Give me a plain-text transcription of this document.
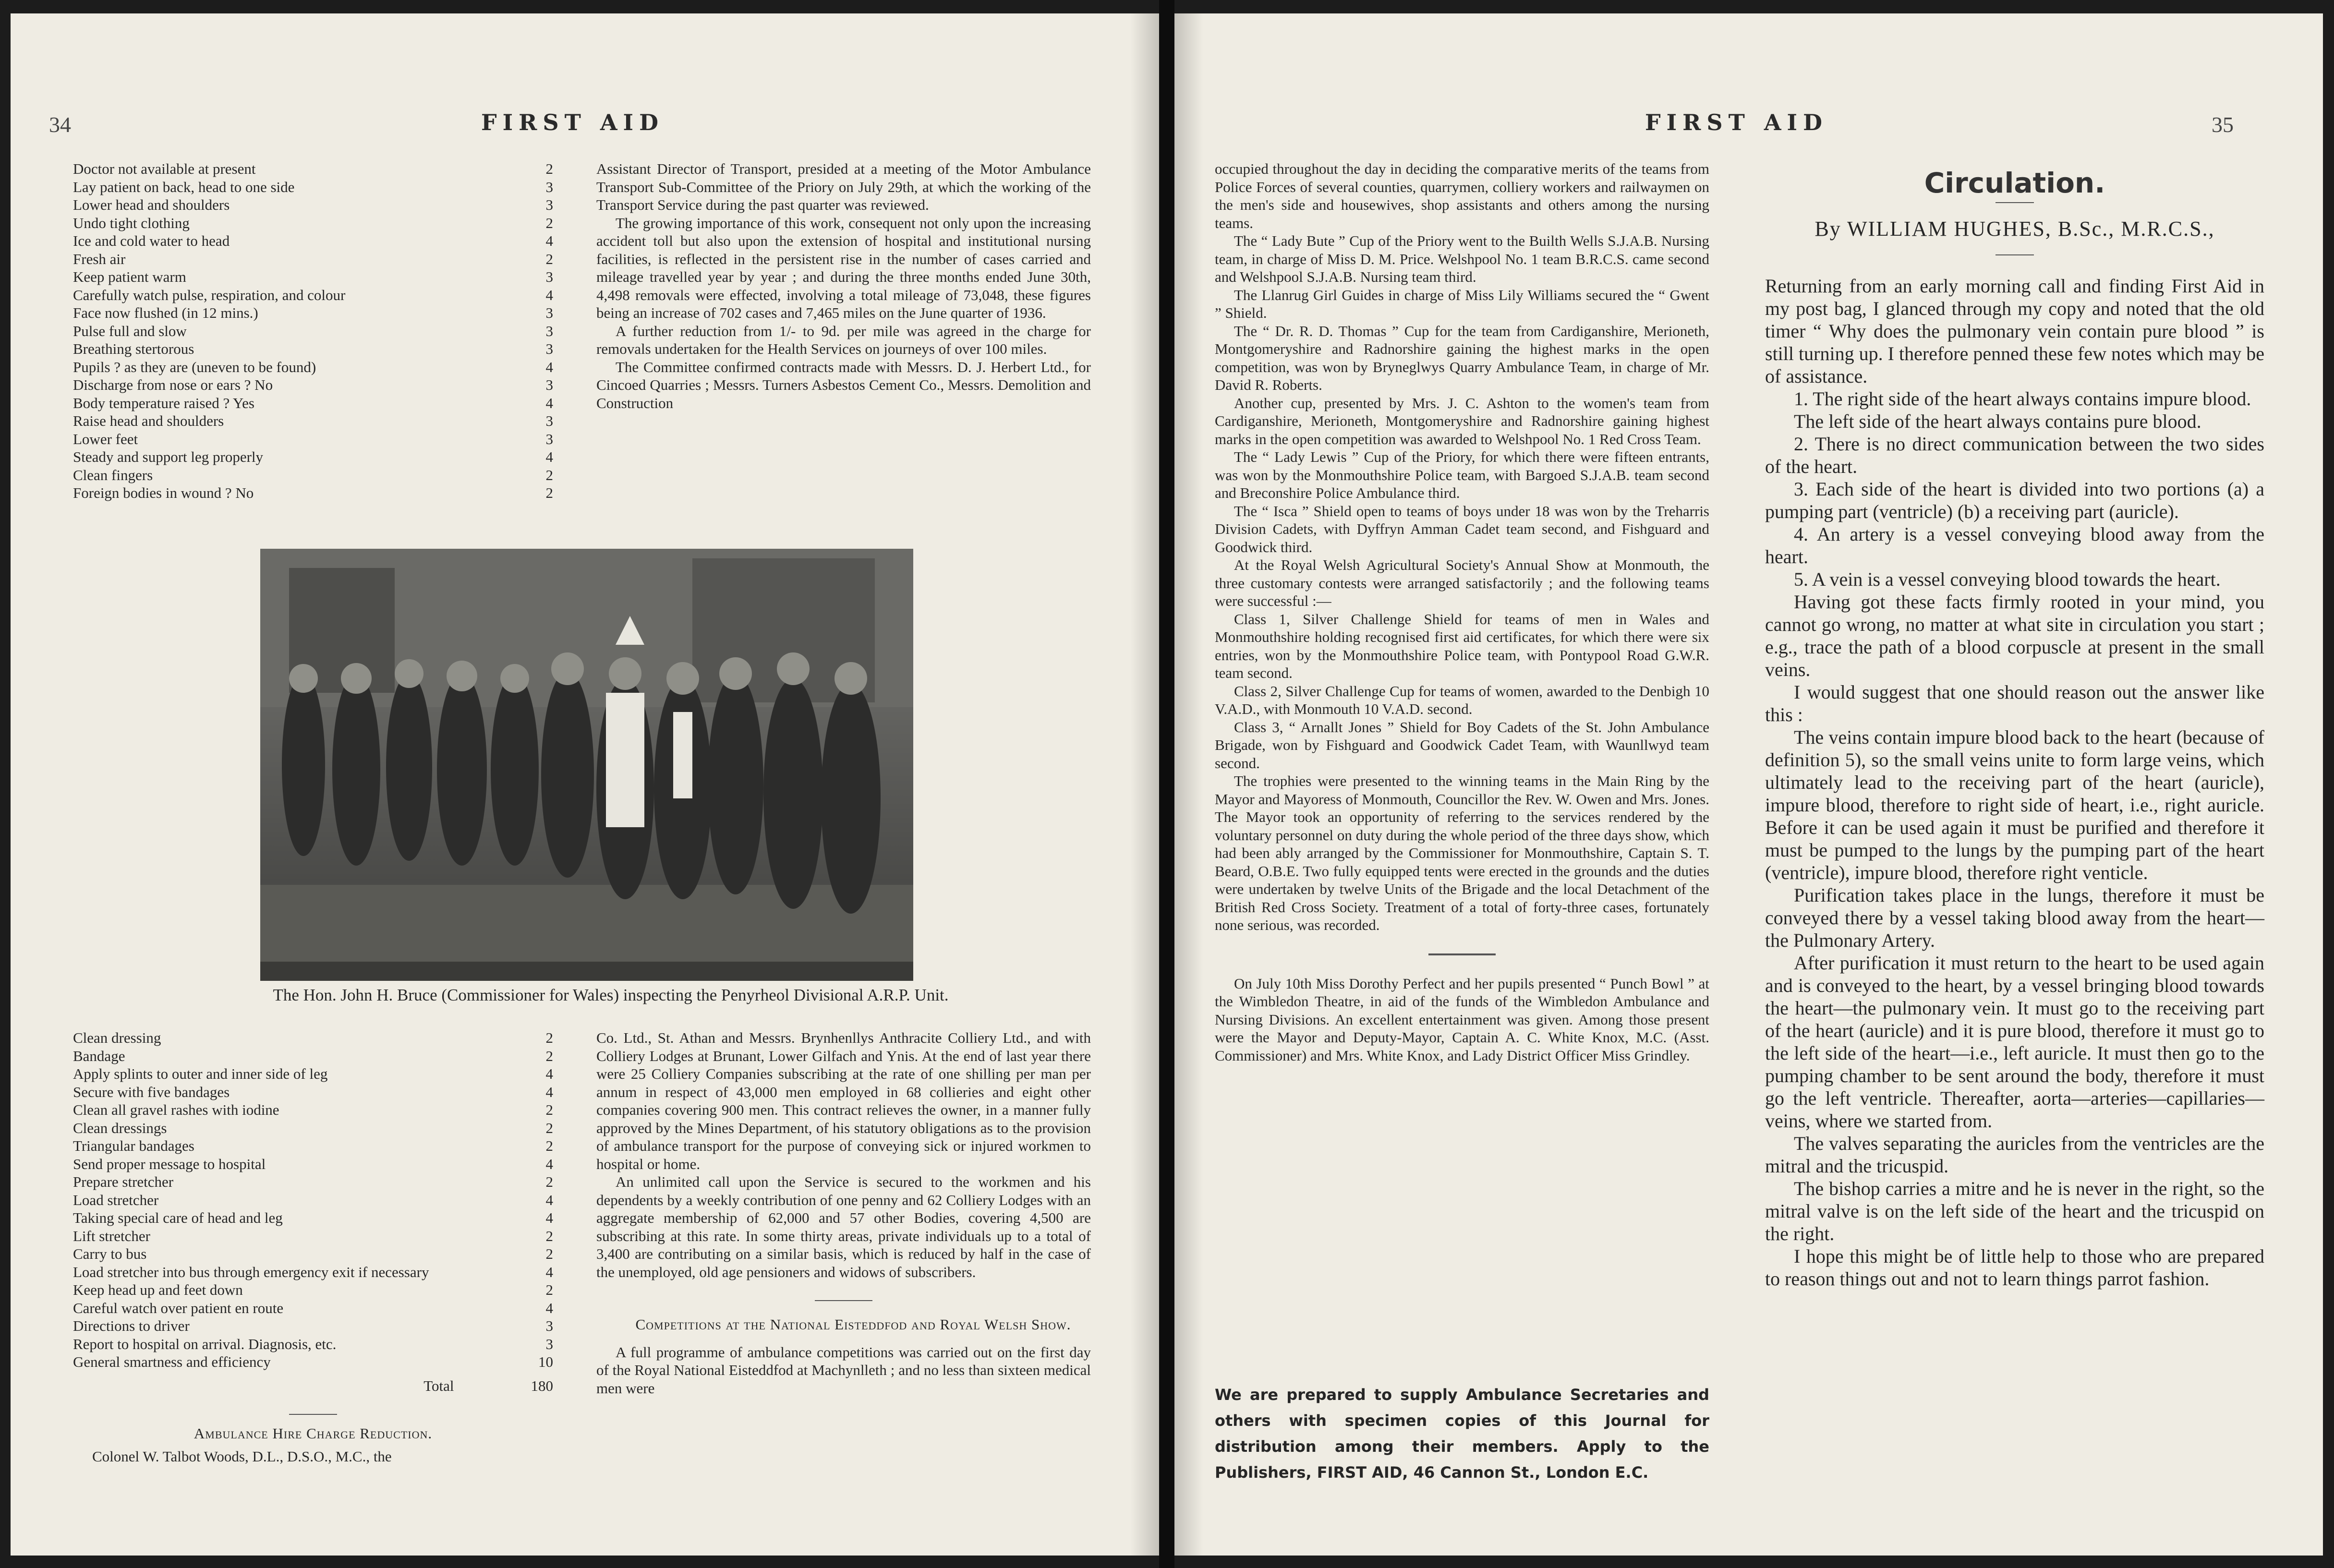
34	FIRST AID
Doctor not available at present	2
Lay patient on back, head to one side	3
Lower head and shoulders	3
Undo tight clothing	2
Ice and cold water to head	4
Fresh air	2
Keep patient warm	3
Carefully watch pulse, respiration, and colour	4
Face now flushed (in 12 mins.)	3
Pulse full and slow	3
Breathing stertorous	3
Pupils ? as they are (uneven to be found)	4
Discharge from nose or ears ? No	3
Body temperature raised ? Yes	4
Raise head and shoulders	3
Lower feet	3
Steady and support leg properly	4
Clean fingers	2
Foreign bodies in wound ? No	2

Assistant Director of Transport, presided at a meeting of the Motor Ambulance Transport Sub-Committee of the Priory on July 29th, at which the working of the Transport Service during the past quarter was reviewed.

The growing importance of this work, consequent not only upon the increasing accident toll but also upon the extension of hospital and institutional nursing facilities, is reflected in the persistent rise in the number of cases carried and mileage travelled year by year ; and during the three months ended June 30th, 4,498 removals were effected, involving a total mileage of 73,048, these figures being an increase of 702 cases and 7,465 miles on the June quarter of 1936.

A further reduction from 1/- to 9d. per mile was agreed in the charge for removals undertaken for the Health Services on journeys of over 100 miles.

The Committee confirmed contracts made with Messrs. D. J. Herbert Ltd., for Cincoed Quarries ; Messrs. Turners Asbestos Cement Co., Messrs. Demolition and Construction

The Hon. John H. Bruce (Commissioner for Wales) inspecting the Penyrheol Divisional A.R.P. Unit.
Clean dressing	2
Bandage	2
Apply splints to outer and inner side of leg	4
Secure with five bandages	4
Clean all gravel rashes with iodine	2
Clean dressings	2
Triangular bandages	2
Send proper message to hospital	4
Prepare stretcher	2
Load stretcher	4
Taking special care of head and leg	4
Lift stretcher	2
Carry to bus	2
Load stretcher into bus through emergency exit if necessary	4
Keep head up and feet down	2
Careful watch over patient en route	4
Directions to driver	3
Report to hospital on arrival. Diagnosis, etc.	3
General smartness and efficiency	10
Total	180

Ambulance Hire Charge Reduction.

Colonel W. Talbot Woods, D.L., D.S.O., M.C., the

Co. Ltd., St. Athan and Messrs. Brynhenllys Anthracite Colliery Ltd., and with Colliery Lodges at Brunant, Lower Gilfach and Ynis. At the end of last year there were 25 Colliery Companies subscribing at the rate of one shilling per man per annum in respect of 43,000 men employed in 68 collieries and eight other companies covering 900 men. This contract relieves the owner, in a manner fully approved by the Mines Department, of his statutory obligations as to the provision of ambulance transport for the purpose of conveying sick or injured workmen to hospital or home.

An unlimited call upon the Service is secured to the workmen and his dependents by a weekly contribution of one penny and 62 Colliery Lodges with an aggregate membership of 62,000 and 57 other Bodies, covering 4,500 are subscribing at this rate. In some thirty areas, private individuals up to a total of 3,400 are contributing on a similar basis, which is reduced by half in the case of the unemployed, old age pensioners and widows of subscribers.

Competitions at the National Eisteddfod and Royal Welsh Show.

A full programme of ambulance competitions was carried out on the first day of the Royal National Eisteddfod at Machynlleth ; and no less than sixteen medical men were

FIRST AID	35

occupied throughout the day in deciding the comparative merits of the teams from Police Forces of several counties, quarrymen, colliery workers and railwaymen on the men's side and housewives, shop assistants and others among the nursing teams.

The “ Lady Bute ” Cup of the Priory went to the Builth Wells S.J.A.B. Nursing team, in charge of Miss D. M. Price. Welshpool No. 1 team B.R.C.S. came second and Welshpool S.J.A.B. Nursing team third.

The Llanrug Girl Guides in charge of Miss Lily Williams secured the “ Gwent ” Shield.

The “ Dr. R. D. Thomas ” Cup for the team from Cardiganshire, Merioneth, Montgomeryshire and Radnorshire gaining the highest marks in the open competition, was won by Bryneglwys Quarry Ambulance Team, in charge of Mr. David R. Roberts.

Another cup, presented by Mrs. J. C. Ashton to the women's team from Cardiganshire, Merioneth, Montgomeryshire and Radnorshire gaining highest marks in the open competition was awarded to Welshpool No. 1 Red Cross Team.

The “ Lady Lewis ” Cup of the Priory, for which there were fifteen entrants, was won by the Monmouthshire Police team, with Bargoed S.J.A.B. team second and Breconshire Police Ambulance third.

The “ Isca ” Shield open to teams of boys under 18 was won by the Treharris Division Cadets, with Dyffryn Amman Cadet team second, and Fishguard and Goodwick third.

At the Royal Welsh Agricultural Society's Annual Show at Monmouth, the three customary contests were arranged satisfactorily ; and the following teams were successful :—

Class 1, Silver Challenge Shield for teams of men in Wales and Monmouthshire holding recognised first aid certificates, for which there were six entries, won by the Monmouthshire Police team, with Pontypool Road G.W.R. team second.

Class 2, Silver Challenge Cup for teams of women, awarded to the Denbigh 10 V.A.D., with Monmouth 10 V.A.D. second.

Class 3, “ Arnallt Jones ” Shield for Boy Cadets of the St. John Ambulance Brigade, won by Fishguard and Goodwick Cadet Team, with Waunllwyd team second.

The trophies were presented to the winning teams in the Main Ring by the Mayor and Mayoress of Monmouth, Councillor the Rev. W. Owen and Mrs. Jones. The Mayor took an opportunity of referring to the services rendered by the voluntary personnel on duty during the whole period of the three days show, which had been ably arranged by the Commissioner for Monmouthshire, Captain S. T. Beard, O.B.E. Two fully equipped tents were erected in the grounds and the duties were undertaken by twelve Units of the Brigade and the local Detachment of the British Red Cross Society. Treatment of a total of forty-three cases, fortunately none serious, was recorded.

On July 10th Miss Dorothy Perfect and her pupils presented “ Punch Bowl ” at the Wimbledon Theatre, in aid of the funds of the Wimbledon Ambulance and Nursing Divisions. An excellent entertainment was given. Among those present were the Mayor and Deputy-Mayor, Captain A. C. White Knox, M.C. (Asst. Commissioner) and Mrs. White Knox, and Lady District Officer Miss Grindley.

We are prepared to supply Ambulance Secretaries and others with specimen copies of this Journal for distribution among their members. Apply to the Publishers, FIRST AID, 46 Cannon St., London E.C.
Circulation.
By WILLIAM HUGHES, B.Sc., M.R.C.S.,

Returning from an early morning call and finding First Aid in my post bag, I glanced through my copy and noted that the old timer “ Why does the pulmonary vein contain pure blood ” is still turning up. I therefore penned these few notes which may be of assistance.

1. The right side of the heart always contains impure blood.

The left side of the heart always contains pure blood.

2. There is no direct communication between the two sides of the heart.

3. Each side of the heart is divided into two portions (a) a pumping part (ventricle) (b) a receiving part (auricle).

4. An artery is a vessel conveying blood away from the heart.

5. A vein is a vessel conveying blood towards the heart.

Having got these facts firmly rooted in your mind, you cannot go wrong, no matter at what site in circulation you start ; e.g., trace the path of a blood corpuscle at present in the small veins.

I would suggest that one should reason out the answer like this :

The veins contain impure blood back to the heart (because of definition 5), so the small veins unite to form large veins, which ultimately lead to the receiving part of the heart (auricle), impure blood, therefore to right side of heart, i.e., right auricle. Before it can be used again it must be purified and therefore it must be pumped to the lungs by the pumping part of the heart (ventricle), impure blood, therefore right venticle.

Purification takes place in the lungs, therefore it must be conveyed there by a vessel taking blood away from the heart—the Pulmonary Artery.

After purification it must return to the heart to be used again and is conveyed to the heart, by a vessel bringing blood towards the heart—the pulmonary vein. It must go to the receiving part of the heart (auricle) and it is pure blood, therefore it must go to the left side of the heart—i.e., left auricle. It must then go to the pumping chamber to be sent around the body, therefore it must go the left ventricle. Thereafter, aorta—arteries—capillaries—veins, where we started from.

The valves separating the auricles from the ventricles are the mitral and the tricuspid.

The bishop carries a mitre and he is never in the right, so the mitral valve is on the left side of the heart and the tricuspid on the right.

I hope this might be of little help to those who are prepared to reason things out and not to learn things parrot fashion.
